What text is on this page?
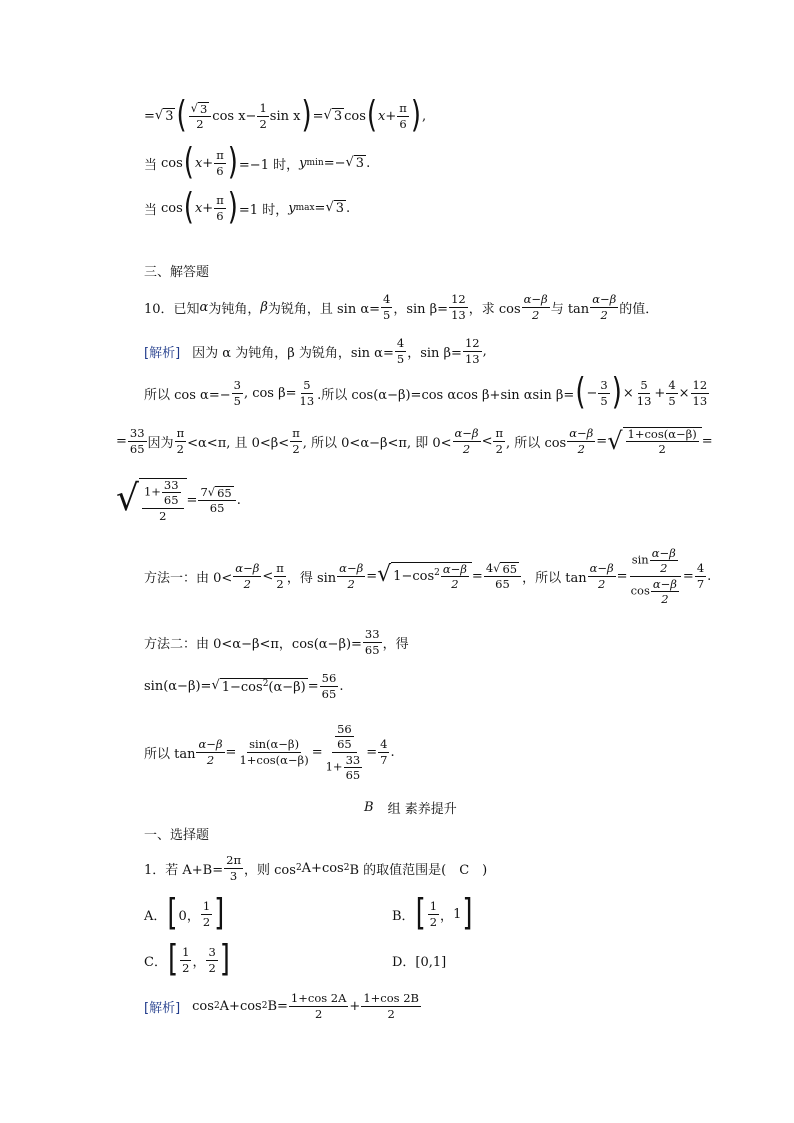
= √ 3 ( $\frac{√ 3}{2}$ $\cos x - \frac{1}{2}$ sin x ) = √ 3 cos ( $x+ \frac{\pi}{6}$ ) ,
当 cos ( $x+ \frac{\pi}{6}$ ) =−1 时， y min =− √ 3 .
当 cos ( $x+ \frac{\pi}{6}$ ) =1 时， y max = √ 3 .
三、解答题
10．已知 α 为钝角， β 为锐角，且 $\sin \alpha= \frac{4}{5}$ ，$\sin \beta= \frac{12}{13}$ ，求 $\cos \frac{\alpha-\beta}{2}$ 与 $\tan \frac{\alpha-\beta}{2}$ 的值．
[解析] 因为 α 为钝角，β 为锐角，$\sin \alpha= \frac{4}{5}$ ，$\sin \beta= \frac{12}{13}$ ,
所以 $\cos \alpha=- \frac{3}{5}$ , $\cos \beta= \frac{5}{13}$ .所以 cos(α−β)=cos αcos β+sin αsin β= ( − $\frac{3}{5}$ ) × $\frac{5}{13} + \frac{4}{5} \times \frac{12}{13}$
= $\frac{33}{65}$ 因为 $\frac{\pi}{2} <\alpha<\pi$, 且 $0<\beta< \frac{\pi}{2}$ , 所以 0<α−β<π, 即 $0< \frac{\alpha-\beta}{2} < \frac{\pi}{2}$ , 所以 $\cos \frac{\alpha-\beta}{2}$ = √ $\frac{1+\cos(\alpha-\beta)}{2}$ =
√ $\frac{1+ \frac{33}{65}}{2} = \frac{7 √ 65}{65}$ .
方法一：由 $0< \frac{\alpha-\beta}{2} < \frac{\pi}{2}$ ，得 $\sin \frac{\alpha-\beta}{2}$ = √ $1-\cos^2 \frac{\alpha-\beta}{2} = \frac{4 √ 65}{65}$ ，所以 $\tan \frac{\alpha-\beta}{2} = \frac{\sin \frac{\alpha-\beta}{2}}{\cos \frac{\alpha-\beta}{2}} = \frac{4}{7}$ .
方法二：由 0<α−β<π，$\cos(\alpha-\beta)= \frac{33}{65}$ ，得
sin(α−β)= √ $1-\cos^2(\alpha-\beta) = \frac{56}{65}$ .
所以 $\tan \frac{\alpha-\beta}{2} = \frac{\sin(\alpha-\beta)}{1+\cos(\alpha-\beta)} = \frac{\frac{56}{65}}{1+ \frac{33}{65}} = \frac{4}{7}$ .
B 组 素养提升
一、选择题
1．若 $A+B= \frac{2\pi}{3}$ ，则 cos 2 A+cos 2 B 的取值范围是(　C　)
A． [ 0， $\frac{1}{2}$ ]	B． [ $\frac{1}{2}$ ， 1 ]
C． [ $\frac{1}{2}$ ， $\frac{3}{2}$ ]	D．[0,1]
[解析] cos 2 A+cos 2 $B= \frac{1+\cos 2A}{2} + \frac{1+\cos 2B}{2}$
